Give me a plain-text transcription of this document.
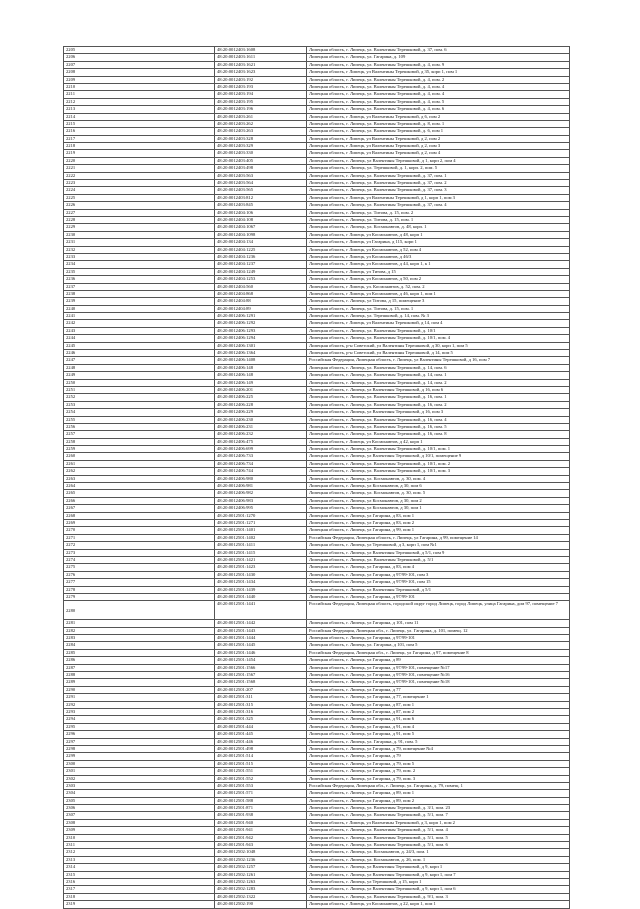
2205	48:20:0012403:1608	Липецкая область, г. Липецк, ул. Валентины Терешковой, д. 37, пом. 6
2206	48:20:0012403:1611	Липецкая область, г. Липецк, ул. Гагарина, д. 109
2207	48:20:0012403:1621	Липецкая область, г. Липецк, ул. Валентины Терешковой, д. 4, пом. 9
2208	48:20:0012403:1623	Липецкая область, г Липецк, ул Валентины Терешковой, д 35, корп 1, пом 1
2209	48:20:0012403:192	Липецкая область, г. Липецк, ул. Валентины Терешковой, д. 4, пом. 2
2210	48:20:0012403:193	Липецкая область, г. Липецк, ул. Валентины Терешковой, д. 4, пом. 4
2211	48:20:0012403:194	Липецкая область, г. Липецк, ул. Валентины Терешковой, д. 4, пом. 4
2212	48:20:0012403:195	Липецкая область, г. Липецк, ул. Валентины Терешковой, д. 4, пом. 5
2213	48:20:0012403:196	Липецкая область, г. Липецк, ул. Валентины Терешковой, д. 4, пом. 6
2214	48:20:0012403:261	Липецкая область, г Липецк, ул Валентины Терешковой, д 6, пом 2
2215	48:20:0012403:262	Липецкая область, г. Липецк, ул. Валентины Терешковой, д. 8, пом. 1
2216	48:20:0012403:263	Липецкая область, г. Липецк, ул. Валентины Терешковой, д. 6, пом 1
2217	48:20:0012403:328	Липецкая область, г Липецк, ул Валентины Терешковой, д 2, пом 2
2218	48:20:0012403:329	Липецкая область, г Липецк, ул Валентины Терешковой, д 2, пом 3
2219	48:20:0012403:330	Липецкая область, г Липецк, ул Валентины Терешковой, д 2, пом 4
2220	48:20:0012403:405	Липецкая область, г. Липецк, ул Валентины Терешковой, д 1, корп 2, пом 4
2221	48:20:0012403:498	Липецкая область, г. Липецк, ул. Терешковой, д. 1, корп. 2, пом. 5
2222	48:20:0012403:563	Липецкая область, г. Липецк, ул. Валентины Терешковой, д. 37, пом. 1
2223	48:20:0012403:564	Липецкая область, г. Липецк, ул. Валентины Терешковой, д. 37, пом. 2
2224	48:20:0012403:565	Липецкая область, г. Липецк, ул. Валентины Терешковой, д. 37, пом. 3
2225	48:20:0012403:812	Липецкая область, г Липецк, ул Валентины Терешковой, д 1, корп 1, пом 3
2226	48:20:0012403:845	Липецкая область, г. Липецк, ул. Валентины Терешковой, д. 37, пом. 4
2227	48:20:0012404:106	Липецкая область, г. Липецк, ул. Титова, д. 15, пом. 2
2228	48:20:0012404:108	Липецкая область, г. Липецк, ул. Титова, д. 15, пом. 1
2229	48:20:0012404:1067	Липецкая область, г. Липецк, ул. Космонавтов, д. 48, корп. 1
2230	48:20:0012404:1098	Липецкая область, г Липецк, ул Космонавтов, д 48, корп 1
2231	48:20:0012404:134	Липецкая область, г Липецк, ул Гагарина, д 115, корп 1
2232	48:20:0012404:1225	Липецкая область, г Липецк, ул Космонавтов, д 52, пом 4
2233	48:20:0012404:1236	Липецкая область, г Липецк, ул Космонавтов, д 46/3
2234	48:20:0012404:1237	Липецкая область, г Липецк, ул Космонавтов, д 44, корп 1, к 1
2235	48:20:0012404:1249	Липецкая область, г Липецк, ул Титова, д 15
2236	48:20:0012404:1253	Липецкая область, г Липецк, ул Космонавтов, д 50, пом 2
2237	48:20:0012404:560	Липецкая область, г Липецк, ул. Космонавтов, д. 52, пом. 2
2238	48:20:0012404:868	Липецкая область, г Липецк, ул Космонавтов, д 46, корп 1, пом 1
2239	48:20:0012404:88	Липецкая область, г. Липецк, ул Титова, д 15, помещение 3
2240	48:20:0012404:89	Липецкая область, г. Липецк, ул. Титова, д. 15, пом. 1
2241	48:20:0012406:1291	Липецкая область, г. Липецк, ул. Терешковой, д. 14, пом. № 3
2242	48:20:0012406:1292	Липецкая область, г Липецк, ул Валентины Терешковой, д 14, пом 4
2243	48:20:0012406:1293	Липецкая область, г. Липецк, ул. Валентины Терешковой, д. 10/1
2244	48:20:0012406:1294	Липецкая область, г. Липецк, ул. Валентины Терешковой, д. 10/1, пом. 4
2245	48:20:0012406:1301	Липецкая область, р-н Советский, ул Валентины Терешковой, д 30, корп 1, пом 5
2246	48:20:0012406:1364	Липецкая область, р-н Советский, ул Валентины Терешковой, д 14, пом 5
2247	48:20:0012406:1408	Российская Федерация, Липецкая область, г. Липецк, ул Валентины Терешковой, д 16, пом 7
2248	48:20:0012406:148	Липецкая область, г. Липецк, ул. Валентины Терешковой, д. 14, пом. 6
2249	48:20:0012406:148	Липецкая область, г. Липецк, ул. Валентины Терешковой, д. 14, пом. 1
2250	48:20:0012406:149	Липецкая область, г. Липецк, ул. Валентины Терешковой, д. 14, пом. 2
2251	48:20:0012406:201	Липецкая область, г. Липецк, ул Валентины Терешковой, д 16, пом 6
2252	48:20:0012406:225	Липецкая область, г. Липецк, ул. Валентины Терешковой, д. 16, пом. 1
2253	48:20:0012406:228	Липецкая область, г. Липецк, ул. Валентины Терешковой, д. 16, пом. 2
2254	48:20:0012406:229	Липецкая область, г. Липецк, ул Валентины Терешковой, д 16, пом 3
2255	48:20:0012406:230	Липецкая область, г. Липецк, ул. Валентины Терешковой, д. 16, пом. 4
2256	48:20:0012406:231	Липецкая область, г. Липецк, ул. Валентины Терешковой, д. 16, пом. 5
2257	48:20:0012406:232	Липецкая область, г. Липецк, ул. Валентины Терешковой, д. 16, пом. 8
2258	48:20:0012406:475	Липецкая область, г Липецк, ул Космонавтов, д 42, корп 1
2259	48:20:0012406:699	Липецкая область, г. Липецк, ул. Валентины Терешковой, д. 10/1, пом. 1
2260	48:20:0012406:733	Липецкая область, г. Липецк, ул Валентины Терешковой, д 10/1, помещение 9
2261	48:20:0012406:734	Липецкая область, г. Липецк, ул. Валентины Терешковой, д. 10/1, пом. 2
2262	48:20:0012406:744	Липецкая область, г. Липецк, ул. Валентины Терешковой, д. 10/1, пом. 3
2263	48:20:0012406:980	Липецкая область, г. Липецк, ул. Космонавтов, д. 30, пом. 4
2264	48:20:0012406:981	Липецкая область, г. Липецк, ул Космонавтов, д 30, пом 6
2265	48:20:0012406:982	Липецкая область, г. Липецк, ул. Космонавтов, д. 30, пом. 5
2266	48:20:0012406:983	Липецкая область, г. Липецк, ул Космонавтов, д 30, пом 2
2267	48:20:0012406:995	Липецкая область, г. Липецк, ул Космонавтов, д 30, пом 1
2268	48:20:0012501:1270	Липецкая область, г. Липецк, ул Гагарина, д 83, пом 1
2269	48:20:0012501:1271	Липецкая область, г. Липецк, ул Гагарина, д 83, пом 2
2270	48:20:0012501:1401	Липецкая область, г. Липецк, ул Гагарина, д 99, пом 1
2271	48:20:0012501:1402	Российская Федерация, Липецкая область, г. Липецк, ул Гагарина, д 99, помещение 14
2272	48:20:0012501:1411	Липецкая область, г. Липецк, ул Терешковой, д 3, корп 1, пом №1
2273	48:20:0012501:1415	Липецкая область, г. Липецк, ул Валентины Терешковой, д 5/1, пом 9
2274	48:20:0012501:1421	Липецкая область, г. Липецк, ул. Валентины Терешковой, д. 5/1
2275	48:20:0012501:1423	Липецкая область, г. Липецк, ул Гагарина, д 83, пом 4
2276	48:20:0012501:1430	Липецкая область, г. Липецк, ул Гагарина, д 97/99-101, пом 3
2277	48:20:0012501:1434	Липецкая область, г. Липецк, ул Гагарина, д 97/99-101, пом 15
2278	48:20:0012501:1439	Липецкая область, г. Липецк, ул Валентины Терешковой, д 5/1
2279	48:20:0012501:1440	Липецкая область, г. Липецк, ул Гагарина, д 97/99-101
2280	48:20:0012501:1441	Российская Федерация, Липецкая область, городской округ город Липецк, город Липецк, улица Гагарина, дом 97, помещение 7
2281	48:20:0012501:1442	Липецкая область, г. Липецк, ул Гагарина, д 101, пом 11
2282	48:20:0012501:1443	Российская Федерация, Липецкая обл., г. Липецк, ул. Гагарина, д. 101, помещ. 12
2283	48:20:0012501:1444	Липецкая область, г. Липецк, ул Гагарина, д 97/99-101
2284	48:20:0012501:1445	Липецкая область, г. Липецк, ул. Гагарина, д 101, пом 5
2285	48:20:0012501:1446	Российская Федерация, Липецкая обл., г. Липецк, ул Гагарина, д 97, помещение 8
2286	48:20:0012501:1454	Липецкая область, г. Липецк, ул Гагарина, д 89
2287	48:20:0012501:1566	Липецкая область, г. Липецк, ул Гагарина, д 97/99-101, помещение №17
2288	48:20:0012501:1567	Липецкая область, г. Липецк, ул Гагарина, д 97/99-101, помещение №16
2289	48:20:0012501:1568	Липецкая область, г. Липецк, ул Гагарина, д 97/99-101, помещение №18
2290	48:20:0012501:207	Липецкая область, г. Липецк, ул Гагарина, д 77
2291	48:20:0012501:311	Липецкая область, г. Липецк, ул Гагарина, д 77, помещение 1
2292	48:20:0012501:315	Липецкая область, г. Липецк, ул Гагарина, д 87, пом 1
2293	48:20:0012501:316	Липецкая область, г. Липецк, ул Гагарина, д 87, пом 2
2294	48:20:0012501:325	Липецкая область, г. Липецк, ул Гагарина, д 91, пом 6
2295	48:20:0012501:444	Липецкая область, г. Липецк, ул Гагарина, д 91, пом 4
2296	48:20:0012501:445	Липецкая область, г. Липецк, ул Гагарина, д 91, пом 5
2297	48:20:0012501:446	Липецкая область, г. Липецк, ул. Гагарина, д. 91, пом. 5
2298	48:20:0012501:498	Липецкая область, г. Липецк, ул Гагарина, д 79, помещение №4
2299	48:20:0012501:514	Липецкая область, г. Липецк, ул Гагарина, д 79
2300	48:20:0012501:515	Липецкая область, г. Липецк, ул Гагарина, д 79, пом 5
2301	48:20:0012501:551	Липецкая область, г. Липецк, ул Гагарина, д 79, пом. 2
2302	48:20:0012501:552	Липецкая область, г. Липецк, ул Гагарина, д 79, пом. 3
2303	48:20:0012501:553	Российская Федерация, Липецкая обл., г. Липецк, ул. Гагарина, д. 79, помещ. 1
2304	48:20:0012501:571	Липецкая область, г. Липецк, ул Гагарина, д 89, пом 1
2305	48:20:0012501:588	Липецкая область, г. Липецк, ул Гагарина, д 89, пом 2
2306	48:20:0012501:871	Липецкая область, г. Липецк, ул. Валентины Терешковой, д. 3/1, пом. 23
2307	48:20:0012501:938	Липецкая область, г. Липецк, ул. Валентины Терешковой, д. 5/1, пом. 7
2308	48:20:0012501:940	Липецкая область, г Липецк, ул Валентины Терешковой, д 3, корп 1, пом 2
2309	48:20:0012501:941	Липецкая область, г. Липецк, ул. Валентины Терешковой, д. 5/1, пом. 4
2310	48:20:0012501:942	Липецкая область, г. Липецк, ул. Валентины Терешковой, д. 5/1, пом. 5
2311	48:20:0012501:943	Липецкая область, г. Липецк, ул. Валентины Терешковой, д. 5/1, пом. 6
2312	48:20:0012502:1048	Липецкая область, г. Липецк, ул. Космонавтов, д. 24/3, пом. 1
2313	48:20:0012502:1236	Липецкая область, г. Липецк, ул. Космонавтов, д. 26, пом. 1
2314	48:20:0012502:1257	Липецкая область, г. Липецк, ул Валентины Терешковой, д 9, корп 1
2315	48:20:0012502:1261	Липецкая область, г. Липецк, ул Валентины Терешковой, д 9, корп 1, пом 7
2316	48:20:0012502:1263	Липецкая область, г. Липецк, ул Терешковой, д 15, корп 1
2317	48:20:0012502:1283	Липецкая область, г. Липецк, ул Валентины Терешковой, д 9, корп 1, пом 6
2318	48:20:0012502:1322	Липецкая область, г. Липецк, ул. Валентины Терешковой, д. 9/1, пом. 3
2319	48:20:0012502:190	Липецкая область, г Липецк, ул Космонавтов, д 22, корп 1, пом 1
